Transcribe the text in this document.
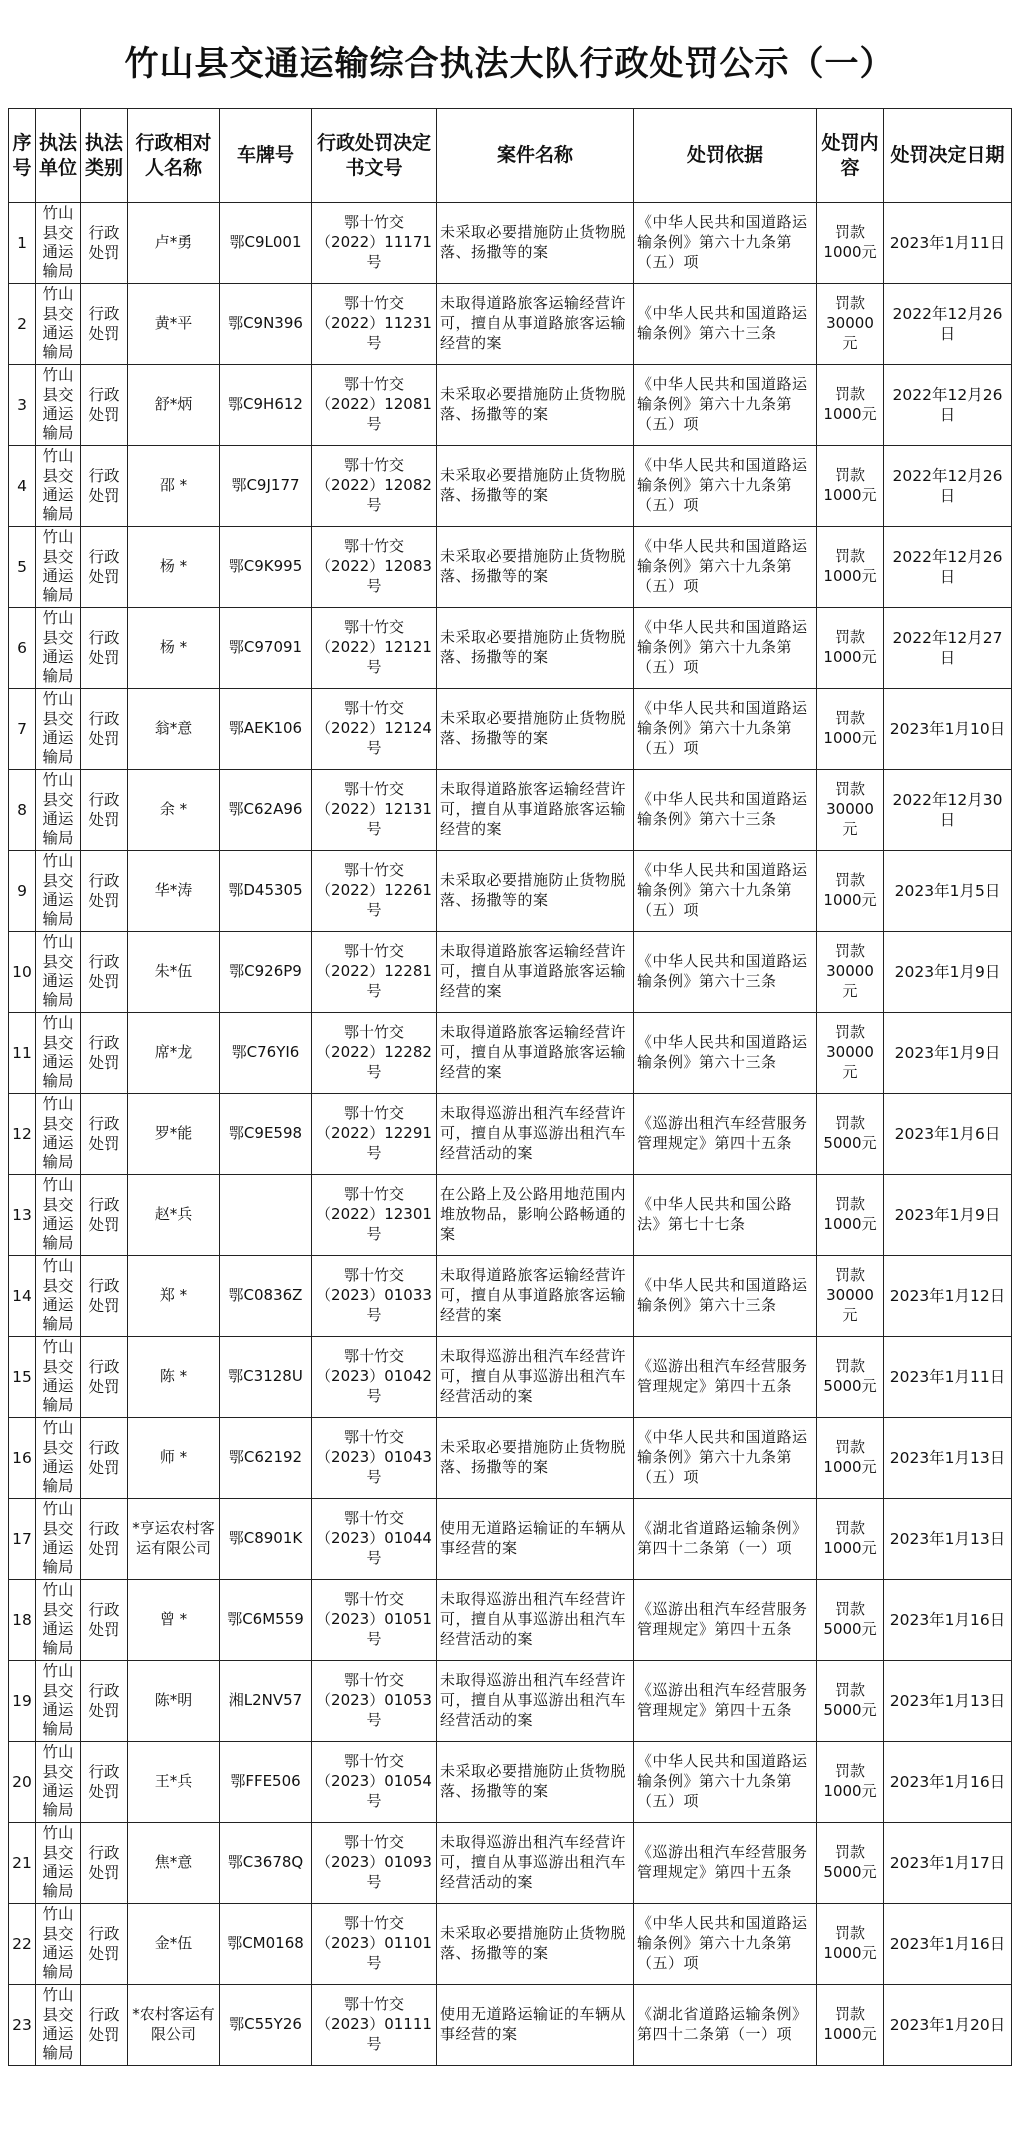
竹山县交通运输综合执法大队行政处罚公示（一）
序号	执法单位	执法类别	行政相对人名称	车牌号	行政处罚决定书文号	案件名称	处罚依据	处罚内容	处罚决定日期
1	竹山县交通运输局	行政处罚	卢*勇	鄂C9L001	鄂十竹交（2022）11171号	未采取必要措施防止货物脱落、扬撒等的案	《中华人民共和国道路运输条例》第六十九条第（五）项	罚款1000元	2023年1月11日
2	竹山县交通运输局	行政处罚	黄*平	鄂C9N396	鄂十竹交（2022）11231号	未取得道路旅客运输经营许可，擅自从事道路旅客运输经营的案	《中华人民共和国道路运输条例》第六十三条	罚款30000元	2022年12月26日
3	竹山县交通运输局	行政处罚	舒*炳	鄂C9H612	鄂十竹交（2022）12081号	未采取必要措施防止货物脱落、扬撒等的案	《中华人民共和国道路运输条例》第六十九条第（五）项	罚款1000元	2022年12月26日
4	竹山县交通运输局	行政处罚	邵 *	鄂C9J177	鄂十竹交（2022）12082号	未采取必要措施防止货物脱落、扬撒等的案	《中华人民共和国道路运输条例》第六十九条第（五）项	罚款1000元	2022年12月26日
5	竹山县交通运输局	行政处罚	杨 *	鄂C9K995	鄂十竹交（2022）12083号	未采取必要措施防止货物脱落、扬撒等的案	《中华人民共和国道路运输条例》第六十九条第（五）项	罚款1000元	2022年12月26日
6	竹山县交通运输局	行政处罚	杨 *	鄂C97091	鄂十竹交（2022）12121号	未采取必要措施防止货物脱落、扬撒等的案	《中华人民共和国道路运输条例》第六十九条第（五）项	罚款1000元	2022年12月27日
7	竹山县交通运输局	行政处罚	翁*意	鄂AEK106	鄂十竹交（2022）12124号	未采取必要措施防止货物脱落、扬撒等的案	《中华人民共和国道路运输条例》第六十九条第（五）项	罚款1000元	2023年1月10日
8	竹山县交通运输局	行政处罚	余 *	鄂C62A96	鄂十竹交（2022）12131号	未取得道路旅客运输经营许可，擅自从事道路旅客运输经营的案	《中华人民共和国道路运输条例》第六十三条	罚款30000元	2022年12月30日
9	竹山县交通运输局	行政处罚	华*涛	鄂D45305	鄂十竹交（2022）12261号	未采取必要措施防止货物脱落、扬撒等的案	《中华人民共和国道路运输条例》第六十九条第（五）项	罚款1000元	2023年1月5日
10	竹山县交通运输局	行政处罚	朱*伍	鄂C926P9	鄂十竹交（2022）12281号	未取得道路旅客运输经营许可，擅自从事道路旅客运输经营的案	《中华人民共和国道路运输条例》第六十三条	罚款30000元	2023年1月9日
11	竹山县交通运输局	行政处罚	席*龙	鄂C76YI6	鄂十竹交（2022）12282号	未取得道路旅客运输经营许可，擅自从事道路旅客运输经营的案	《中华人民共和国道路运输条例》第六十三条	罚款30000元	2023年1月9日
12	竹山县交通运输局	行政处罚	罗*能	鄂C9E598	鄂十竹交（2022）12291号	未取得巡游出租汽车经营许可，擅自从事巡游出租汽车经营活动的案	《巡游出租汽车经营服务管理规定》第四十五条	罚款5000元	2023年1月6日
13	竹山县交通运输局	行政处罚	赵*兵		鄂十竹交（2022）12301号	在公路上及公路用地范围内堆放物品，影响公路畅通的案	《中华人民共和国公路法》第七十七条	罚款1000元	2023年1月9日
14	竹山县交通运输局	行政处罚	郑 *	鄂C0836Z	鄂十竹交（2023）01033号	未取得道路旅客运输经营许可，擅自从事道路旅客运输经营的案	《中华人民共和国道路运输条例》第六十三条	罚款30000元	2023年1月12日
15	竹山县交通运输局	行政处罚	陈 *	鄂C3128U	鄂十竹交（2023）01042号	未取得巡游出租汽车经营许可，擅自从事巡游出租汽车经营活动的案	《巡游出租汽车经营服务管理规定》第四十五条	罚款5000元	2023年1月11日
16	竹山县交通运输局	行政处罚	师 *	鄂C62192	鄂十竹交（2023）01043号	未采取必要措施防止货物脱落、扬撒等的案	《中华人民共和国道路运输条例》第六十九条第（五）项	罚款1000元	2023年1月13日
17	竹山县交通运输局	行政处罚	*亨运农村客运有限公司	鄂C8901K	鄂十竹交（2023）01044号	使用无道路运输证的车辆从事经营的案	《湖北省道路运输条例》第四十二条第（一）项	罚款1000元	2023年1月13日
18	竹山县交通运输局	行政处罚	曾 *	鄂C6M559	鄂十竹交（2023）01051号	未取得巡游出租汽车经营许可，擅自从事巡游出租汽车经营活动的案	《巡游出租汽车经营服务管理规定》第四十五条	罚款5000元	2023年1月16日
19	竹山县交通运输局	行政处罚	陈*明	湘L2NV57	鄂十竹交（2023）01053号	未取得巡游出租汽车经营许可，擅自从事巡游出租汽车经营活动的案	《巡游出租汽车经营服务管理规定》第四十五条	罚款5000元	2023年1月13日
20	竹山县交通运输局	行政处罚	王*兵	鄂FFE506	鄂十竹交（2023）01054号	未采取必要措施防止货物脱落、扬撒等的案	《中华人民共和国道路运输条例》第六十九条第（五）项	罚款1000元	2023年1月16日
21	竹山县交通运输局	行政处罚	焦*意	鄂C3678Q	鄂十竹交（2023）01093号	未取得巡游出租汽车经营许可，擅自从事巡游出租汽车经营活动的案	《巡游出租汽车经营服务管理规定》第四十五条	罚款5000元	2023年1月17日
22	竹山县交通运输局	行政处罚	金*伍	鄂CM0168	鄂十竹交（2023）01101号	未采取必要措施防止货物脱落、扬撒等的案	《中华人民共和国道路运输条例》第六十九条第（五）项	罚款1000元	2023年1月16日
23	竹山县交通运输局	行政处罚	*农村客运有限公司	鄂C55Y26	鄂十竹交（2023）01111号	使用无道路运输证的车辆从事经营的案	《湖北省道路运输条例》第四十二条第（一）项	罚款1000元	2023年1月20日
